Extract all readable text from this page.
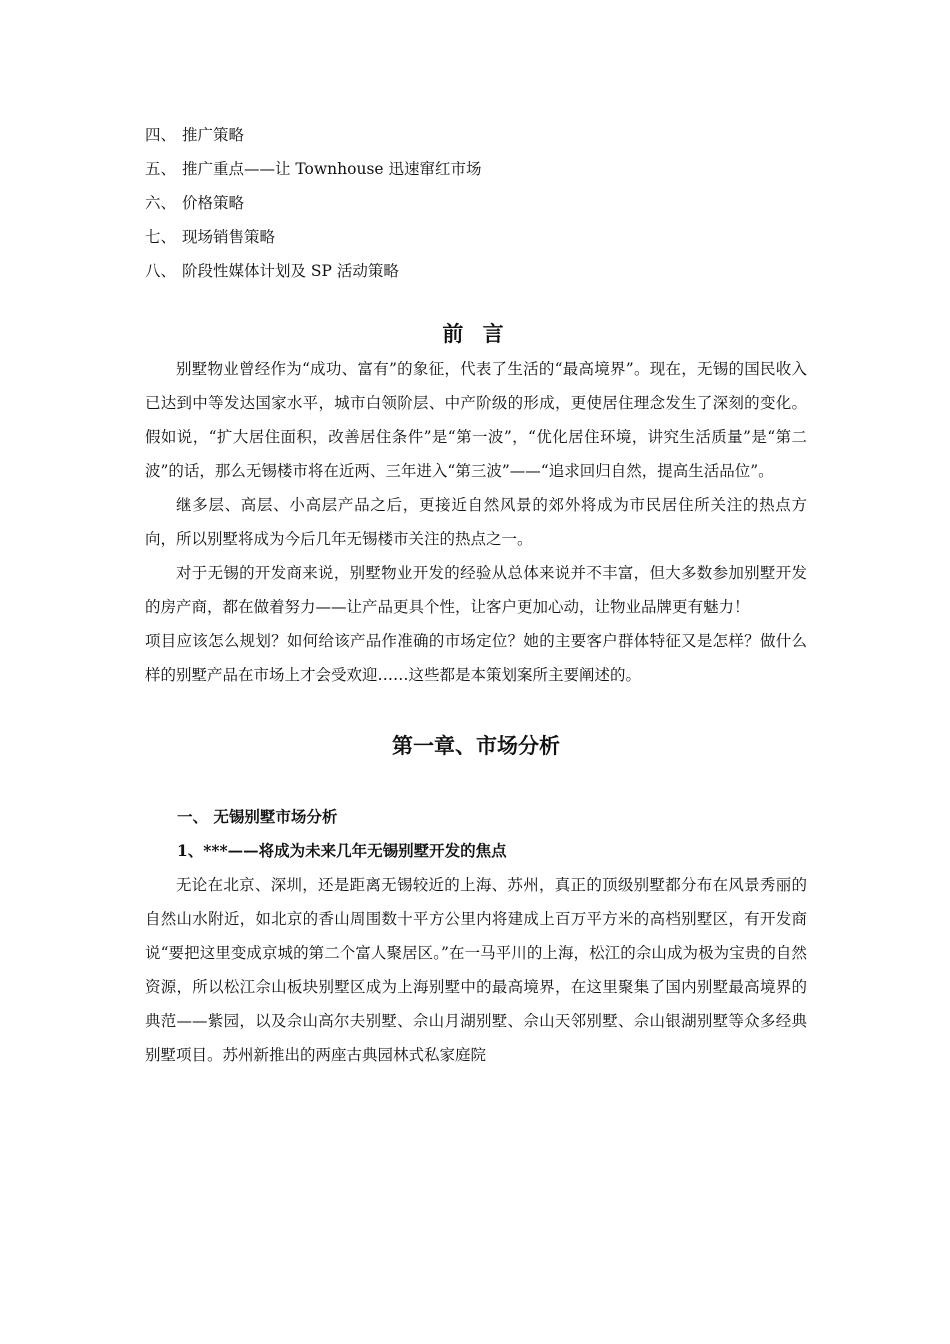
四、 推广策略
五、 推广重点——让 Townhouse 迅速窜红市场
六、 价格策略
七、 现场销售策略
八、 阶段性媒体计划及 SP 活动策略
前 言

别墅物业曾经作为“成功、富有”的象征，代表了生活的“最高境界”。现在，无锡的国民收入已达到中等发达国家水平，城市白领阶层、中产阶级的形成，更使居住理念发生了深刻的变化。假如说，“扩大居住面积，改善居住条件”是“第一波”，“优化居住环境，讲究生活质量”是“第二波”的话，那么无锡楼市将在近两、三年进入“第三波”——“追求回归自然，提高生活品位”。

继多层、高层、小高层产品之后，更接近自然风景的郊外将成为市民居住所关注的热点方向，所以别墅将成为今后几年无锡楼市关注的热点之一。

对于无锡的开发商来说，别墅物业开发的经验从总体来说并不丰富，但大多数参加别墅开发的房产商，都在做着努力——让产品更具个性，让客户更加心动，让物业品牌更有魅力！

项目应该怎么规划？如何给该产品作准确的市场定位？她的主要客户群体特征又是怎样？做什么样的别墅产品在市场上才会受欢迎……这些都是本策划案所主要阐述的。

第一章、市场分析
一、 无锡别墅市场分析
1、***——将成为未来几年无锡别墅开发的焦点

无论在北京、深圳，还是距离无锡较近的上海、苏州，真正的顶级别墅都分布在风景秀丽的自然山水附近，如北京的香山周围数十平方公里内将建成上百万平方米的高档别墅区，有开发商说“要把这里变成京城的第二个富人聚居区。”在一马平川的上海，松江的佘山成为极为宝贵的自然资源，所以松江佘山板块别墅区成为上海别墅中的最高境界，在这里聚集了国内别墅最高境界的典范——紫园，以及佘山高尔夫别墅、佘山月湖别墅、佘山天邻别墅、佘山银湖别墅等众多经典别墅项目。苏州新推出的两座古典园林式私家庭院
